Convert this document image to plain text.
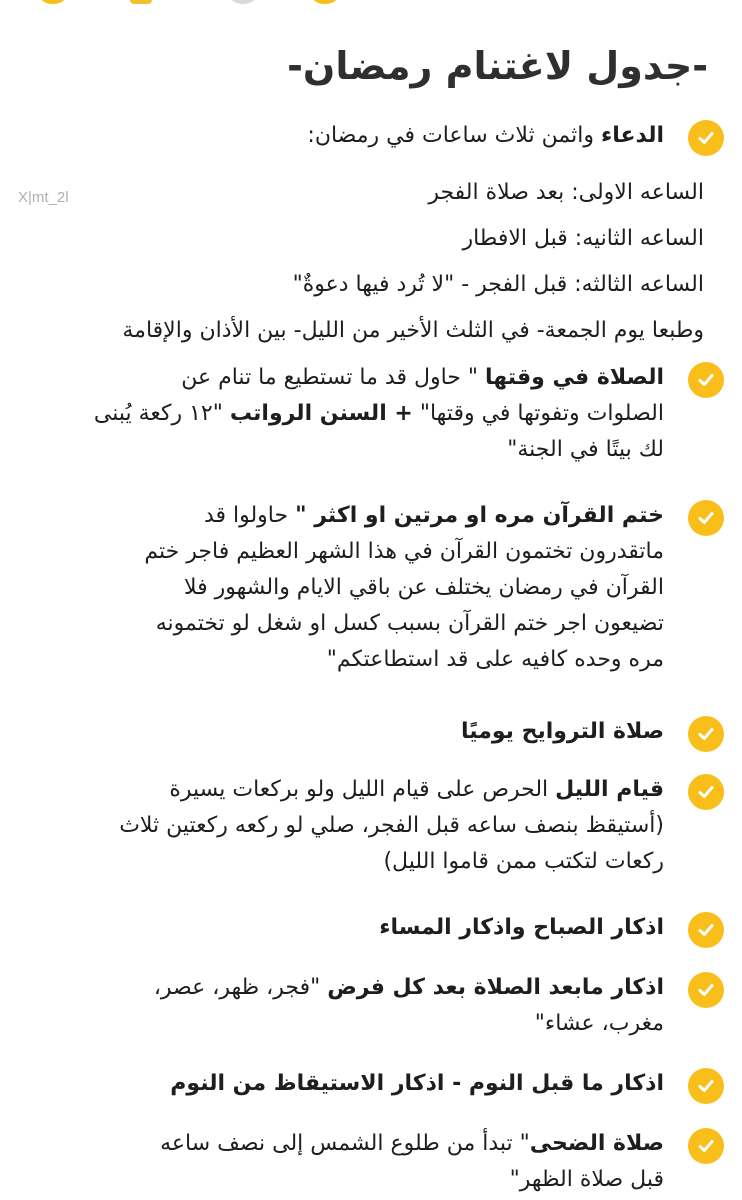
X|mt_2l
-جدول لاغتنام رمضان-
الدعاء واثمن ثلاث ساعات في رمضان:
الساعه الاولى: بعد صلاة الفجر
الساعه الثانيه: قبل الافطار
الساعه الثالثه: قبل الفجر - "لا تُرد فيها دعوةٌ"
وطبعا يوم الجمعة- في الثلث الأخير من الليل- بين الأذان والإقامة
الصلاة في وقتها " حاول قد ما تستطيع ما تنام عن
الصلوات وتفوتها في وقتها" + السنن الرواتب "١٢ ركعة يُبنى
لك بيتًا في الجنة"
ختم القرآن مره او مرتين او اكثر " حاولوا قد
ماتقدرون تختمون القرآن في هذا الشهر العظيم فاجر ختم
القرآن في رمضان يختلف عن باقي الايام والشهور فلا
تضيعون اجر ختم القرآن بسبب كسل او شغل لو تختمونه
مره وحده كافيه على قد استطاعتكم"
صلاة التروايح يوميًا
قيام الليل الحرص على قيام الليل ولو بركعات يسيرة
(أستيقظ بنصف ساعه قبل الفجر، صلي لو ركعه ركعتين ثلاث
ركعات لتكتب ممن قاموا الليل)
اذكار الصباح واذكار المساء
اذكار مابعد الصلاة بعد كل فرض "فجر، ظهر، عصر،
مغرب، عشاء"
اذكار ما قبل النوم - اذكار الاستيقاظ من النوم
صلاة الضحى" تبدأ من طلوع الشمس إلى نصف ساعه
قبل صلاة الظهر"
